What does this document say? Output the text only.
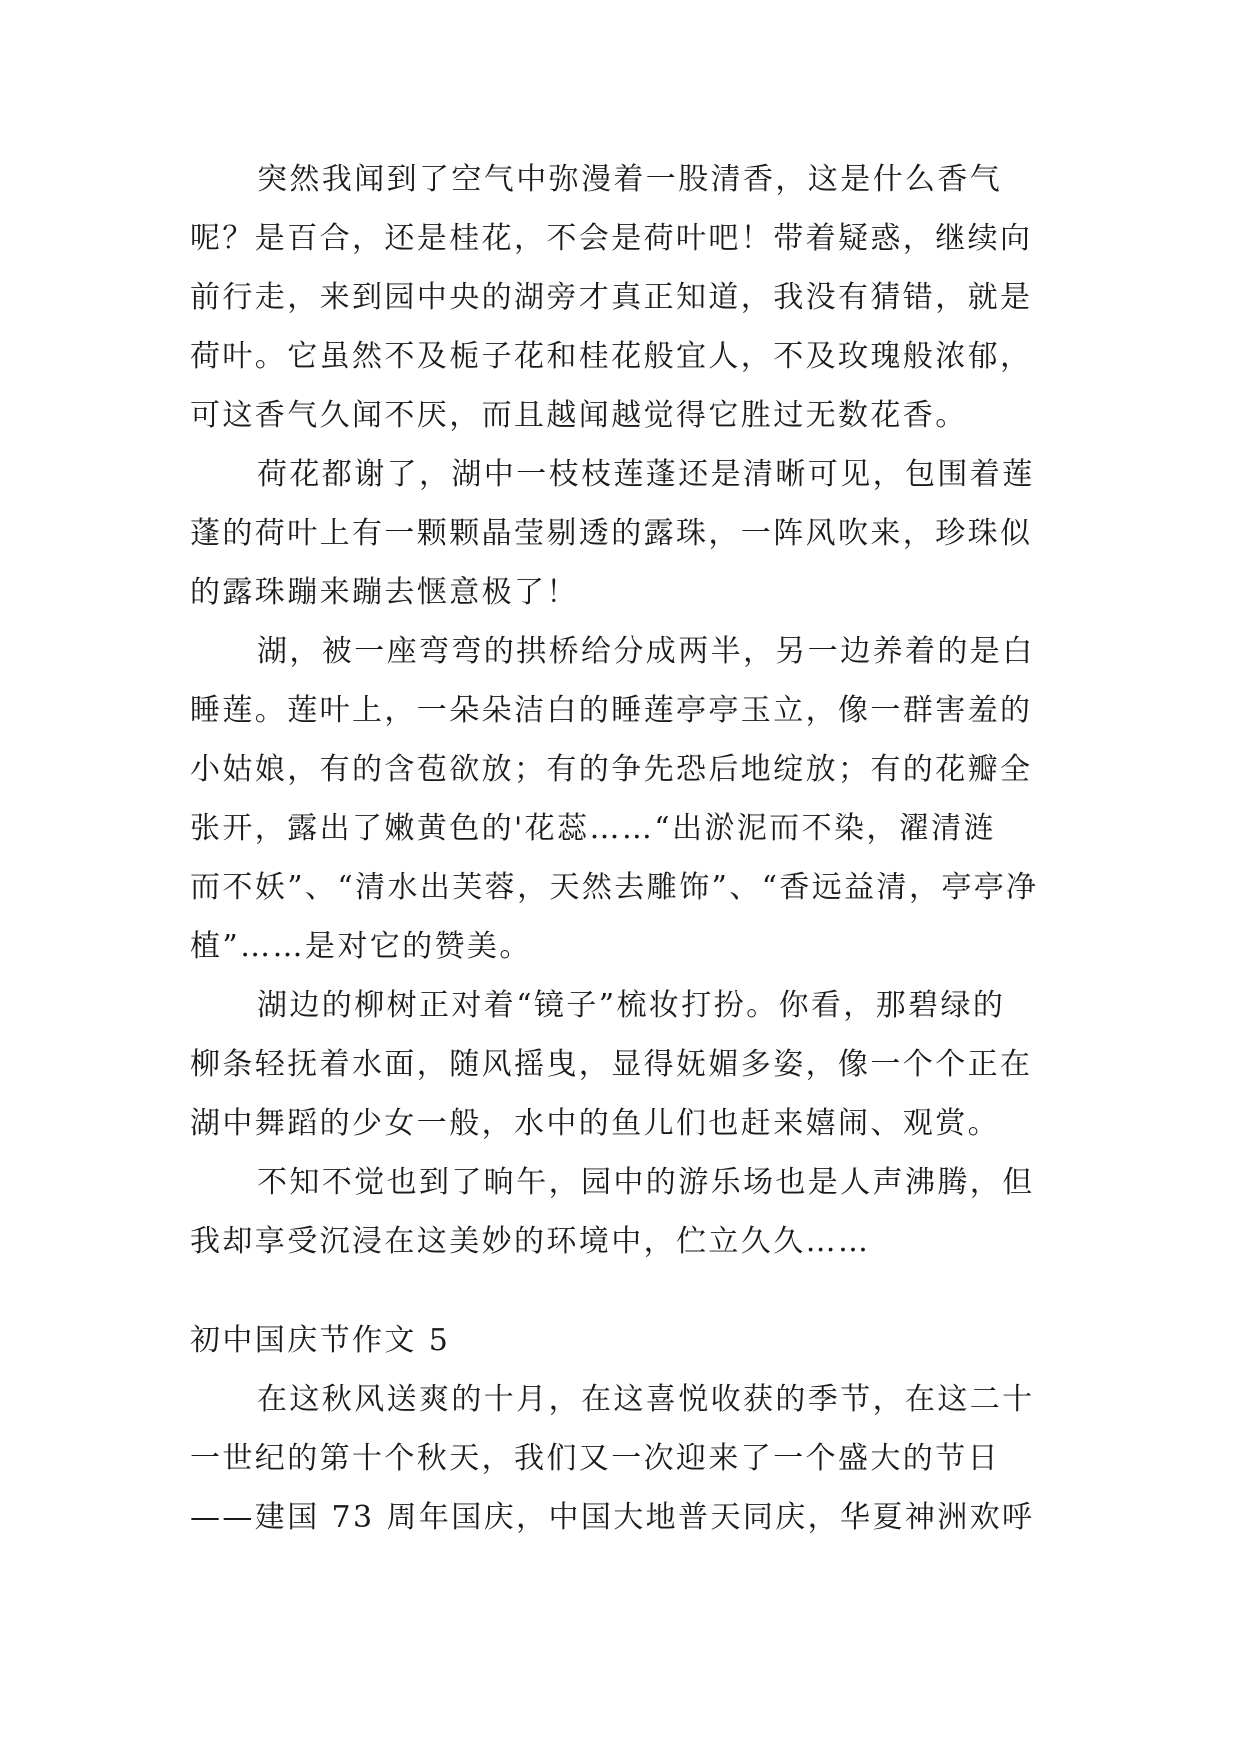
突然我闻到了空气中弥漫着一股清香，这是什么香气
呢？是百合，还是桂花，不会是荷叶吧！带着疑惑，继续向
前行走，来到园中央的湖旁才真正知道，我没有猜错，就是
荷叶。它虽然不及栀子花和桂花般宜人，不及玫瑰般浓郁，
可这香气久闻不厌，而且越闻越觉得它胜过无数花香。
荷花都谢了，湖中一枝枝莲蓬还是清晰可见，包围着莲
蓬的荷叶上有一颗颗晶莹剔透的露珠，一阵风吹来，珍珠似
的露珠蹦来蹦去惬意极了！
湖，被一座弯弯的拱桥给分成两半，另一边养着的是白
睡莲。莲叶上，一朵朵洁白的睡莲亭亭玉立，像一群害羞的
小姑娘，有的含苞欲放；有的争先恐后地绽放；有的花瓣全
张开，露出了嫩黄色的'花蕊……“出淤泥而不染，濯清涟
而不妖”、“清水出芙蓉，天然去雕饰”、“香远益清，亭亭净
植”……是对它的赞美。
湖边的柳树正对着“镜子”梳妆打扮。你看，那碧绿的
柳条轻抚着水面，随风摇曳，显得妩媚多姿，像一个个正在
湖中舞蹈的少女一般，水中的鱼儿们也赶来嬉闹、观赏。
不知不觉也到了晌午，园中的游乐场也是人声沸腾，但
我却享受沉浸在这美妙的环境中，伫立久久……
初中国庆节作文 5
在这秋风送爽的十月，在这喜悦收获的季节，在这二十
一世纪的第十个秋天，我们又一次迎来了一个盛大的节日
——建国 73 周年国庆，中国大地普天同庆，华夏神洲欢呼
